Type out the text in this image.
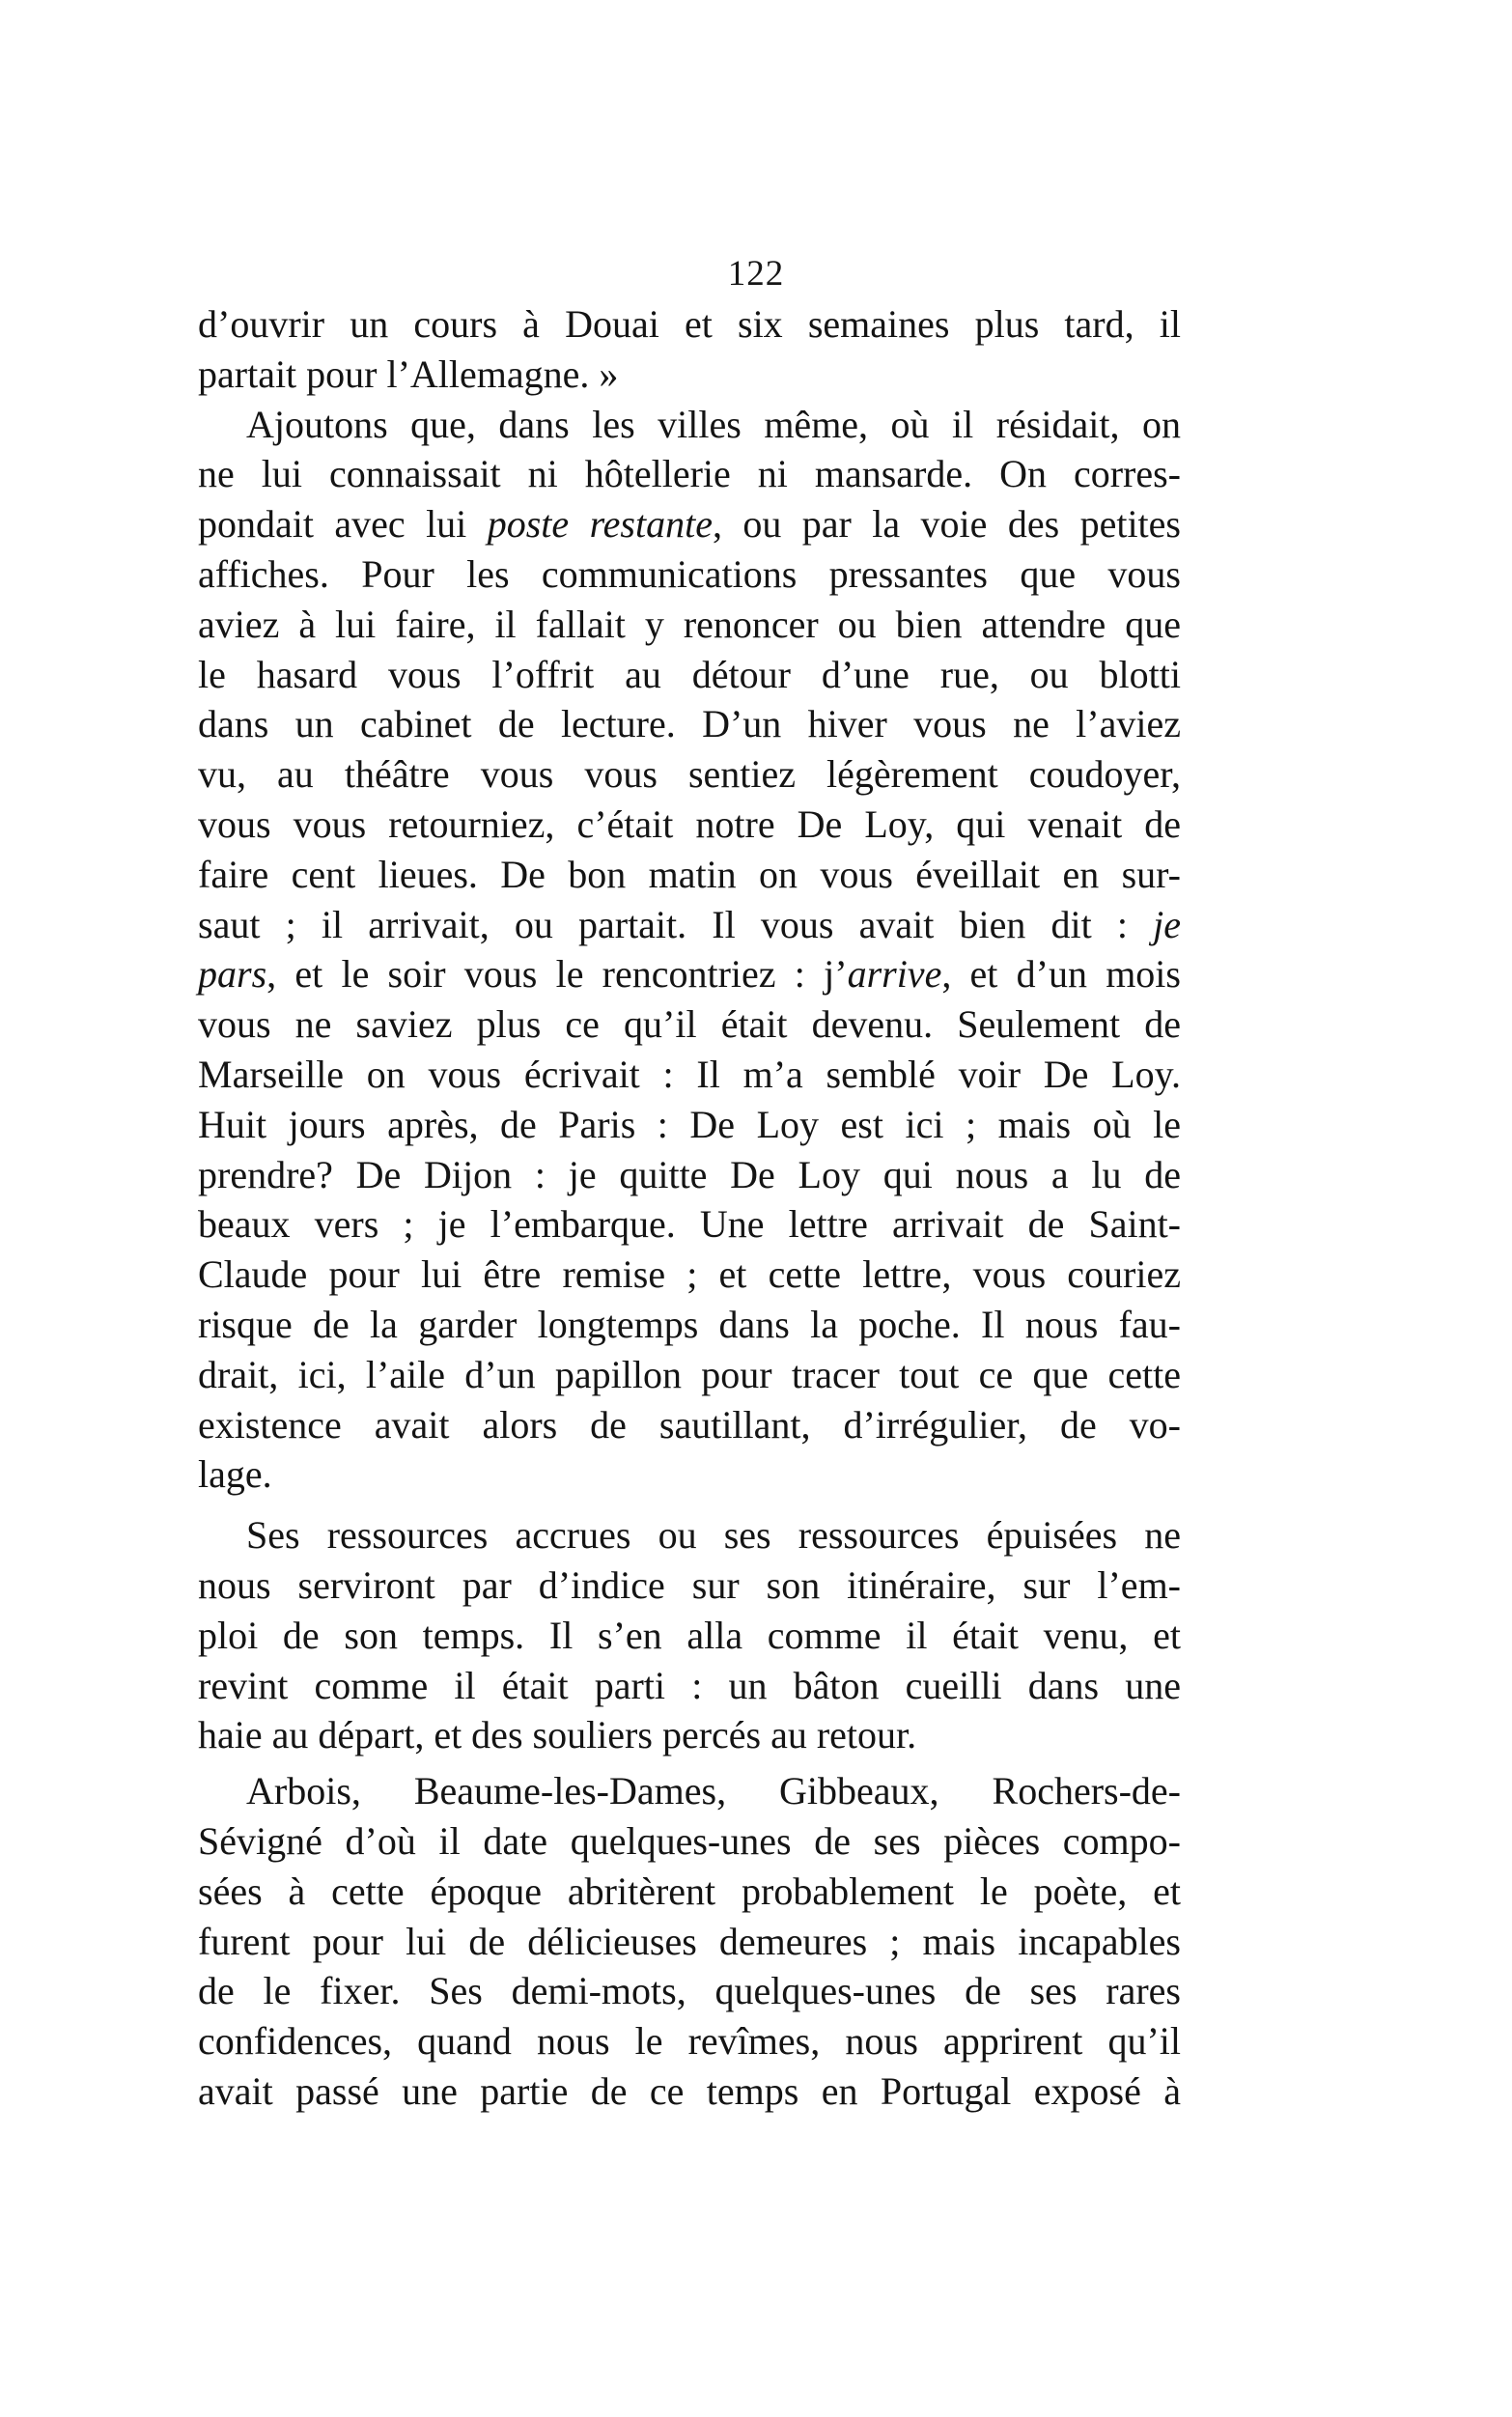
122
d’ouvrir un cours à Douai et six semaines plus tard, il
partait pour l’Allemagne. »
Ajoutons que, dans les villes même, où il résidait, on
ne lui connaissait ni hôtellerie ni mansarde. On corres-
pondait avec lui poste restante, ou par la voie des petites
affiches. Pour les communications pressantes que vous
aviez à lui faire, il fallait y renoncer ou bien attendre que
le hasard vous l’offrit au détour d’une rue, ou blotti
dans un cabinet de lecture. D’un hiver vous ne l’aviez
vu, au théâtre vous vous sentiez légèrement coudoyer,
vous vous retourniez, c’était notre De Loy, qui venait de
faire cent lieues. De bon matin on vous éveillait en sur-
saut ; il arrivait, ou partait. Il vous avait bien dit : je
pars, et le soir vous le rencontriez : j’arrive, et d’un mois
vous ne saviez plus ce qu’il était devenu. Seulement de
Marseille on vous écrivait : Il m’a semblé voir De Loy.
Huit jours après, de Paris : De Loy est ici ; mais où le
prendre? De Dijon : je quitte De Loy qui nous a lu de
beaux vers ; je l’embarque. Une lettre arrivait de Saint-
Claude pour lui être remise ; et cette lettre, vous couriez
risque de la garder longtemps dans la poche. Il nous fau-
drait, ici, l’aile d’un papillon pour tracer tout ce que cette
existence avait alors de sautillant, d’irrégulier, de vo-
lage.
Ses ressources accrues ou ses ressources épuisées ne
nous serviront par d’indice sur son itinéraire, sur l’em-
ploi de son temps. Il s’en alla comme il était venu, et
revint comme il était parti : un bâton cueilli dans une
haie au départ, et des souliers percés au retour.
Arbois, Beaume-les-Dames, Gibbeaux, Rochers-de-
Sévigné d’où il date quelques-unes de ses pièces compo-
sées à cette époque abritèrent probablement le poète, et
furent pour lui de délicieuses demeures ; mais incapables
de le fixer. Ses demi-mots, quelques-unes de ses rares
confidences, quand nous le revîmes, nous apprirent qu’il
avait passé une partie de ce temps en Portugal exposé à
